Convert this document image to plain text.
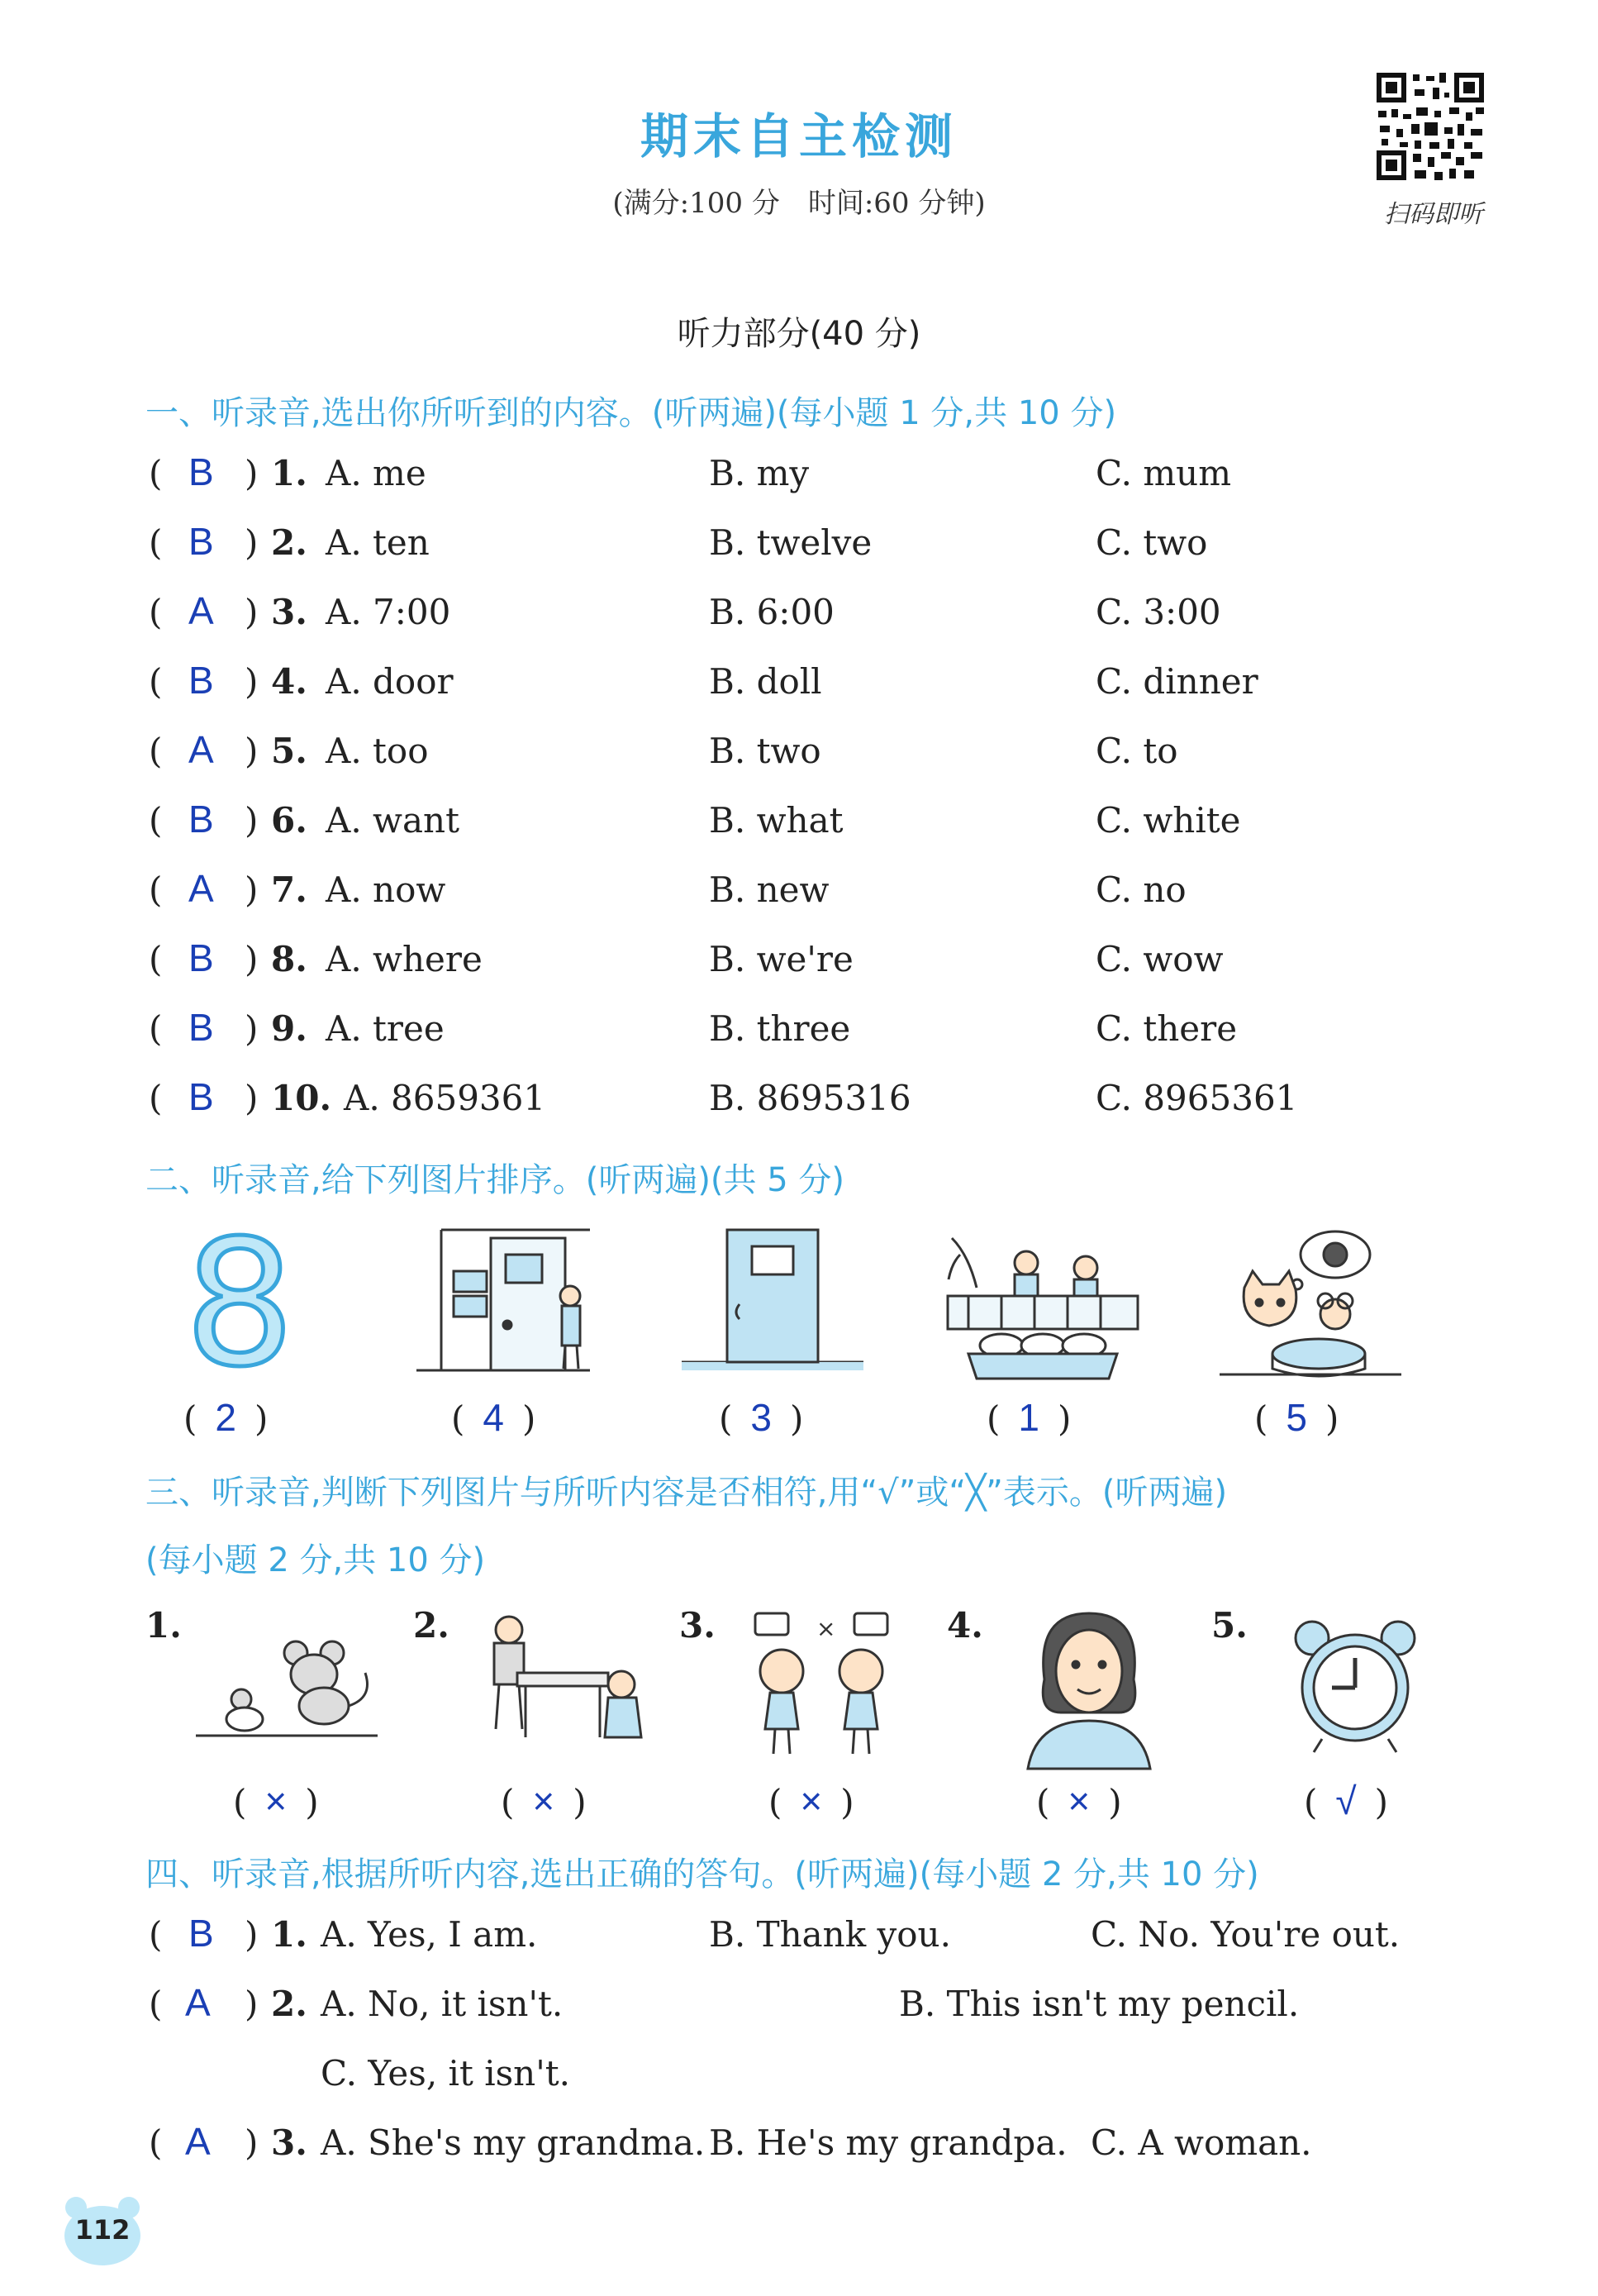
期末自主检测
(满分:100 分　时间:60 分钟)	扫码即听
听力部分(40 分)
一、听录音,选出你所听到的内容。(听两遍)(每小题 1 分,共 10 分)
( B ) 1. A. me	B. my	C. mum
( B ) 2. A. ten	B. twelve	C. two
( A ) 3. A. 7:00	B. 6:00	C. 3:00
( B ) 4. A. door	B. doll	C. dinner
( A ) 5. A. too	B. two	C. to
( B ) 6. A. want	B. what	C. white
( A ) 7. A. now	B. new	C. no
( B ) 8. A. where	B. we're	C. wow
( B ) 9. A. tree	B. three	C. there
( B ) 10. A. 8659361	B. 8695316	C. 8965361
二、听录音,给下列图片排序。(听两遍)(共 5 分)
8
( 2 )	( 4 )	( 3 )	( 1 )	( 5 )
三、听录音,判断下列图片与所听内容是否相符,用“√”或“╳”表示。(听两遍)
(每小题 2 分,共 10 分)
1.	2.	3.	×	4.	5.
( × )	( × )	( × )	( × )	( √ )
四、听录音,根据所听内容,选出正确的答句。(听两遍)(每小题 2 分,共 10 分)
( B ) 1. A. Yes, I am.	B. Thank you.	C. No. You're out.
( A ) 2. A. No, it isn't.	B. This isn't my pencil.
C. Yes, it isn't.
( A ) 3. A. She's my grandma. B. He's my grandpa. C. A woman.
112
